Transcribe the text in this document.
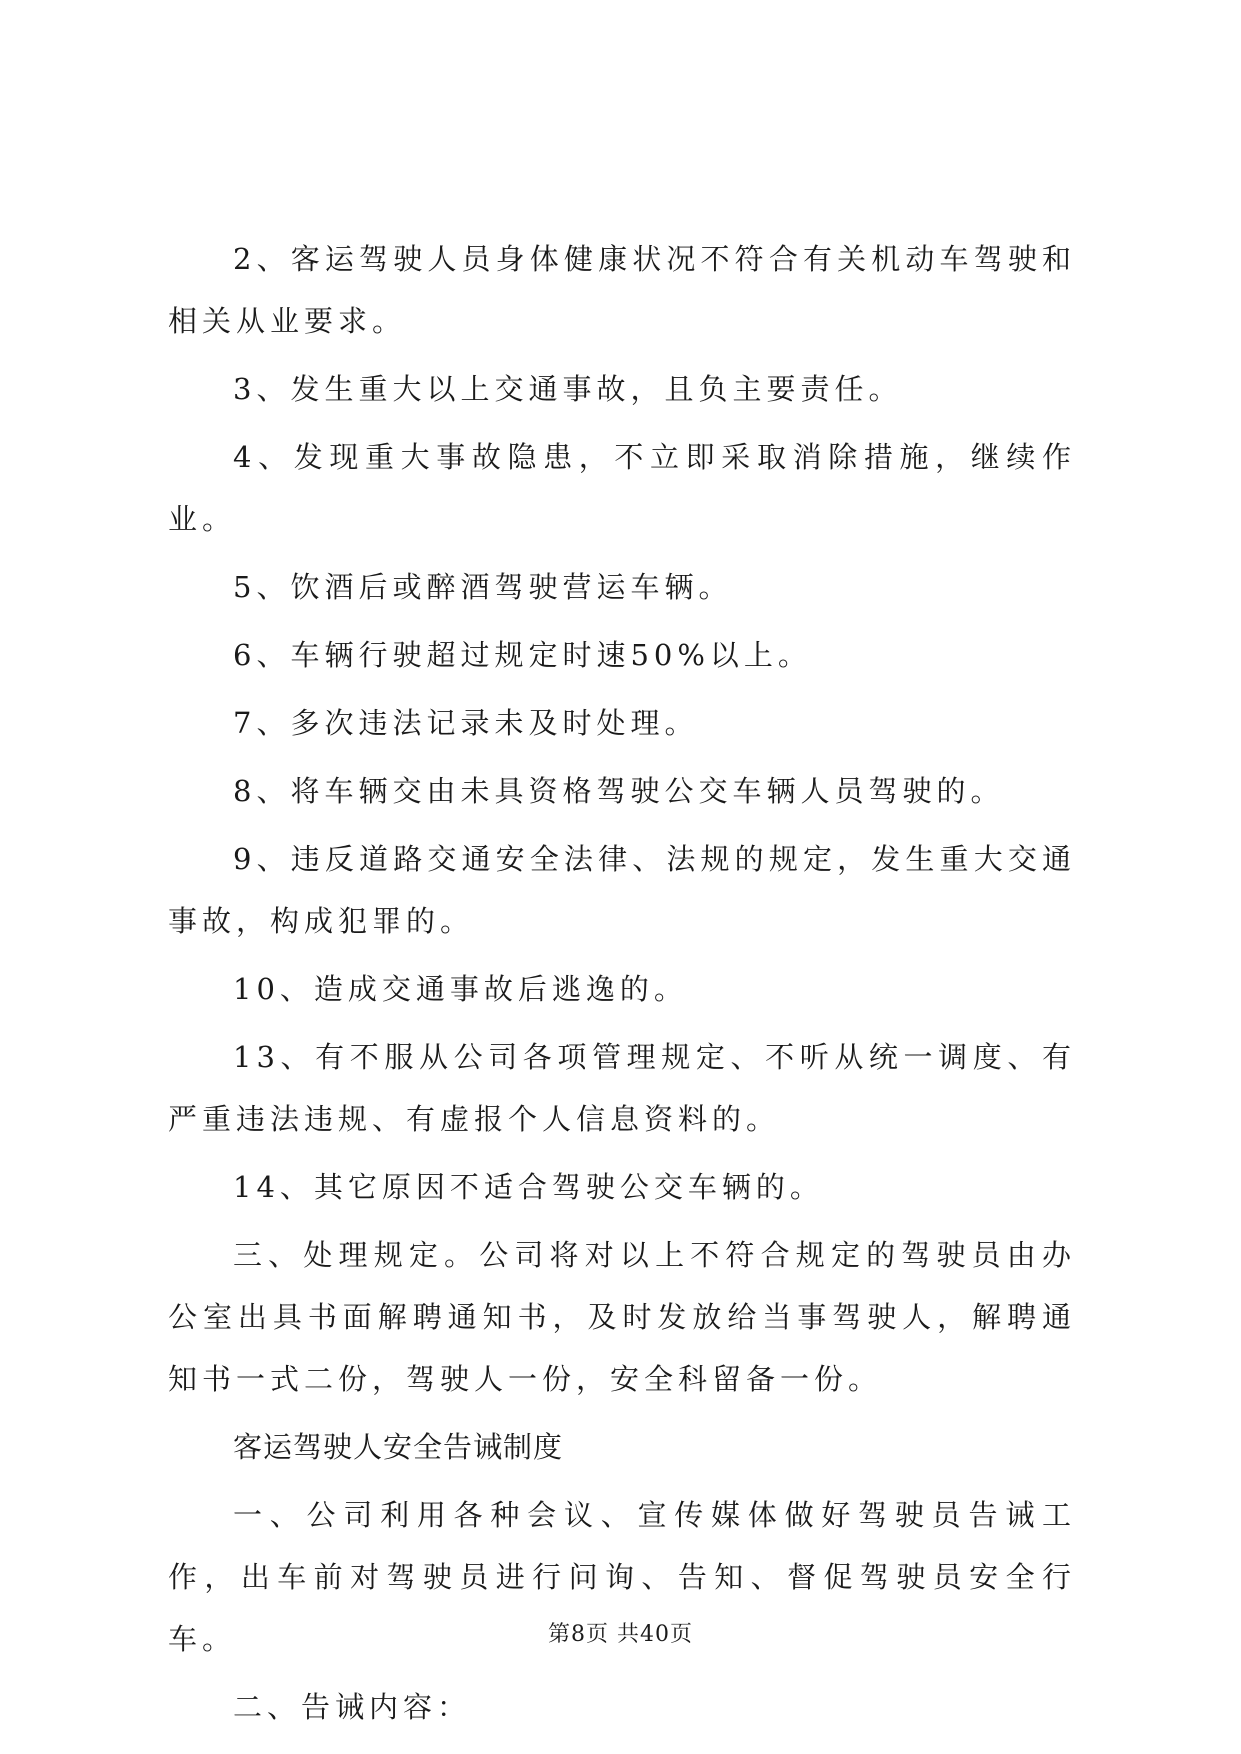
2、客运驾驶人员身体健康状况不符合有关机动车驾驶和相关从业要求。

3、发生重大以上交通事故，且负主要责任。

4、发现重大事故隐患，不立即采取消除措施，继续作业。

5、饮酒后或醉酒驾驶营运车辆。

6、车辆行驶超过规定时速50%以上。

7、多次违法记录未及时处理。

8、将车辆交由未具资格驾驶公交车辆人员驾驶的。

9、违反道路交通安全法律、法规的规定，发生重大交通事故，构成犯罪的。

10、造成交通事故后逃逸的。

13、有不服从公司各项管理规定、不听从统一调度、有严重违法违规、有虚报个人信息资料的。

14、其它原因不适合驾驶公交车辆的。

三、处理规定。公司将对以上不符合规定的驾驶员由办公室出具书面解聘通知书，及时发放给当事驾驶人，解聘通知书一式二份，驾驶人一份，安全科留备一份。

客运驾驶人安全告诫制度

一、公司利用各种会议、宣传媒体做好驾驶员告诫工作，出车前对驾驶员进行问询、告知、督促驾驶员安全行车。

二、告诫内容：

第8页 共40页
